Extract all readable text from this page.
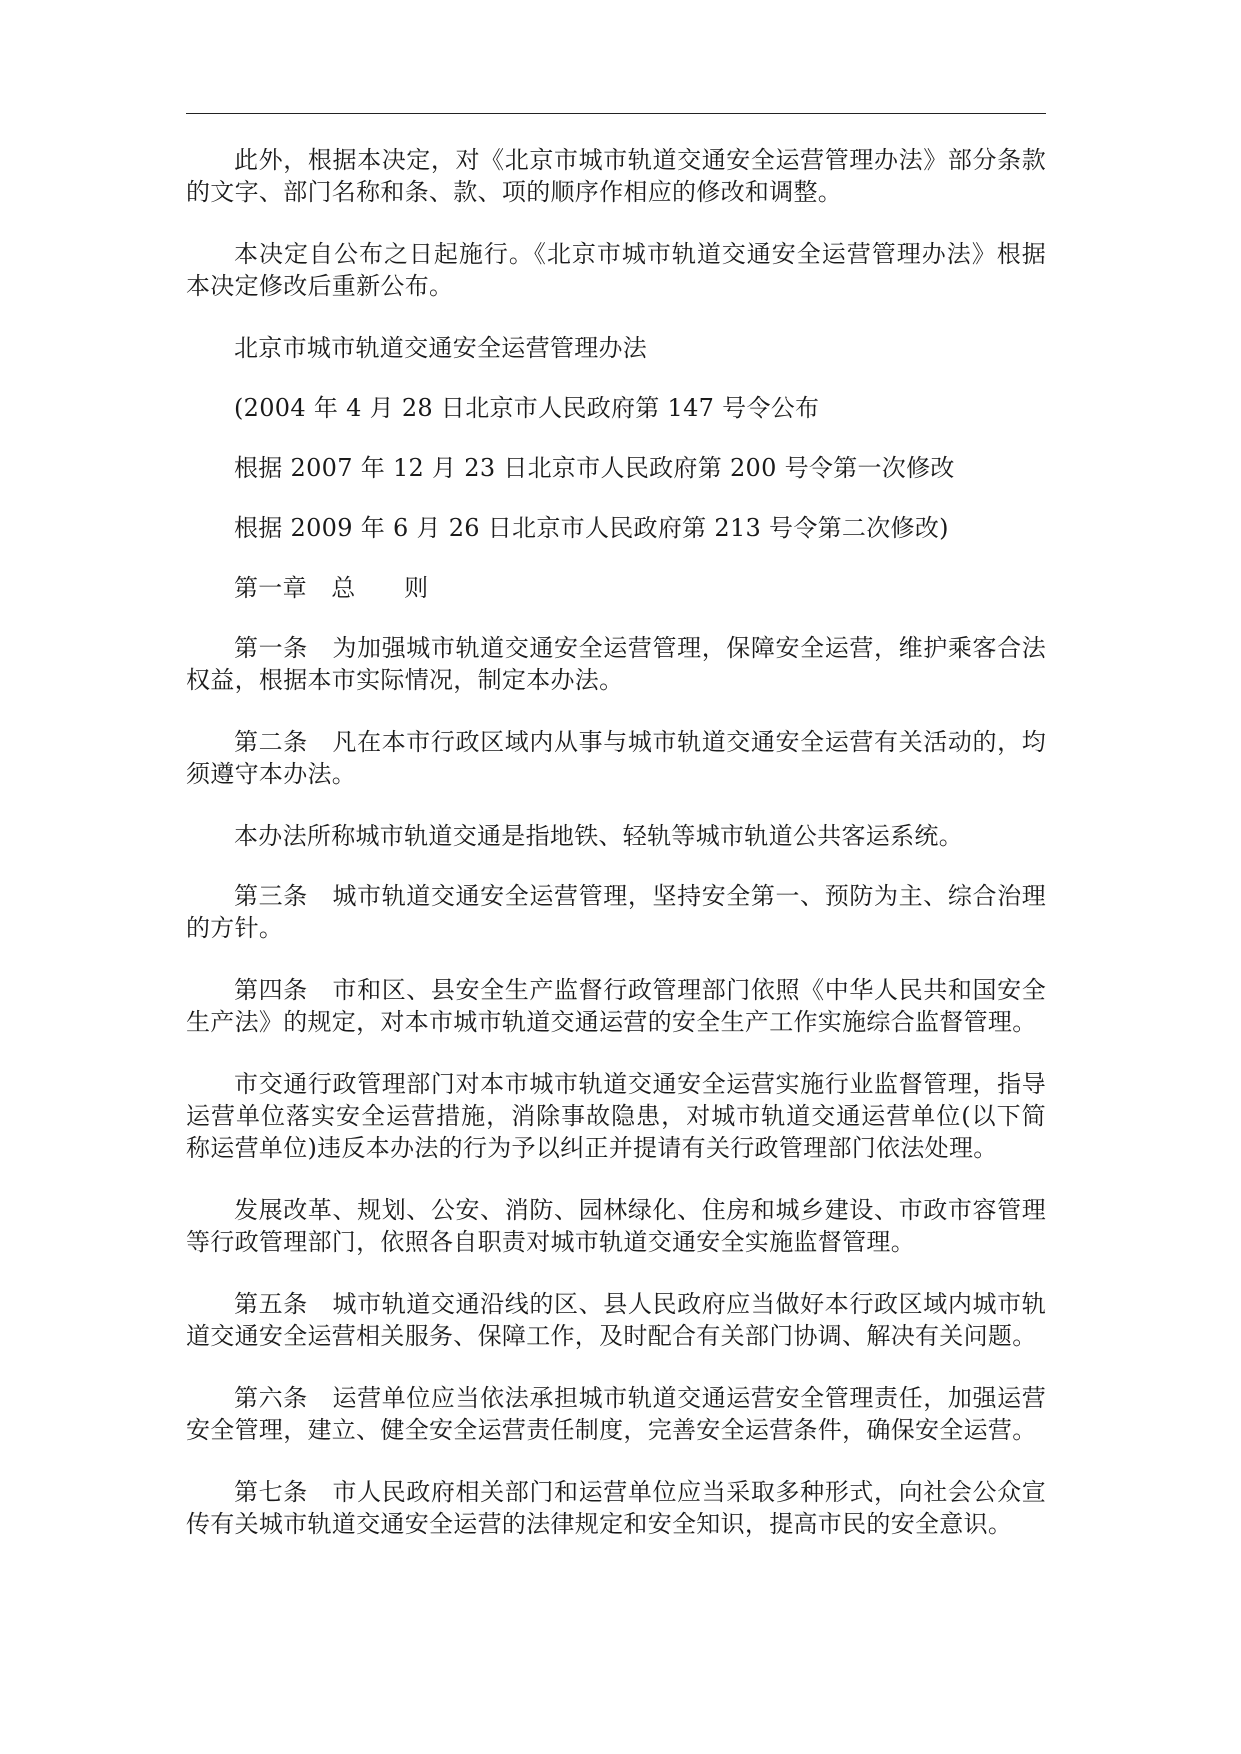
此外，根据本决定，对《北京市城市轨道交通安全运营管理办法》部分条款的文字、部门名称和条、款、项的顺序作相应的修改和调整。

本决定自公布之日起施行。《北京市城市轨道交通安全运营管理办法》根据本决定修改后重新公布。

北京市城市轨道交通安全运营管理办法

(2004 年 4 月 28 日北京市人民政府第 147 号令公布

根据 2007 年 12 月 23 日北京市人民政府第 200 号令第一次修改

根据 2009 年 6 月 26 日北京市人民政府第 213 号令第二次修改)

第一章　总　　则

第一条　为加强城市轨道交通安全运营管理，保障安全运营，维护乘客合法权益，根据本市实际情况，制定本办法。

第二条　凡在本市行政区域内从事与城市轨道交通安全运营有关活动的，均须遵守本办法。

本办法所称城市轨道交通是指地铁、轻轨等城市轨道公共客运系统。

第三条　城市轨道交通安全运营管理，坚持安全第一、预防为主、综合治理的方针。

第四条　市和区、县安全生产监督行政管理部门依照《中华人民共和国安全生产法》的规定，对本市城市轨道交通运营的安全生产工作实施综合监督管理。

市交通行政管理部门对本市城市轨道交通安全运营实施行业监督管理，指导运营单位落实安全运营措施，消除事故隐患，对城市轨道交通运营单位(以下简称运营单位)违反本办法的行为予以纠正并提请有关行政管理部门依法处理。

发展改革、规划、公安、消防、园林绿化、住房和城乡建设、市政市容管理等行政管理部门，依照各自职责对城市轨道交通安全实施监督管理。

第五条　城市轨道交通沿线的区、县人民政府应当做好本行政区域内城市轨道交通安全运营相关服务、保障工作，及时配合有关部门协调、解决有关问题。

第六条　运营单位应当依法承担城市轨道交通运营安全管理责任，加强运营安全管理，建立、健全安全运营责任制度，完善安全运营条件，确保安全运营。

第七条　市人民政府相关部门和运营单位应当采取多种形式，向社会公众宣传有关城市轨道交通安全运营的法律规定和安全知识，提高市民的安全意识。
